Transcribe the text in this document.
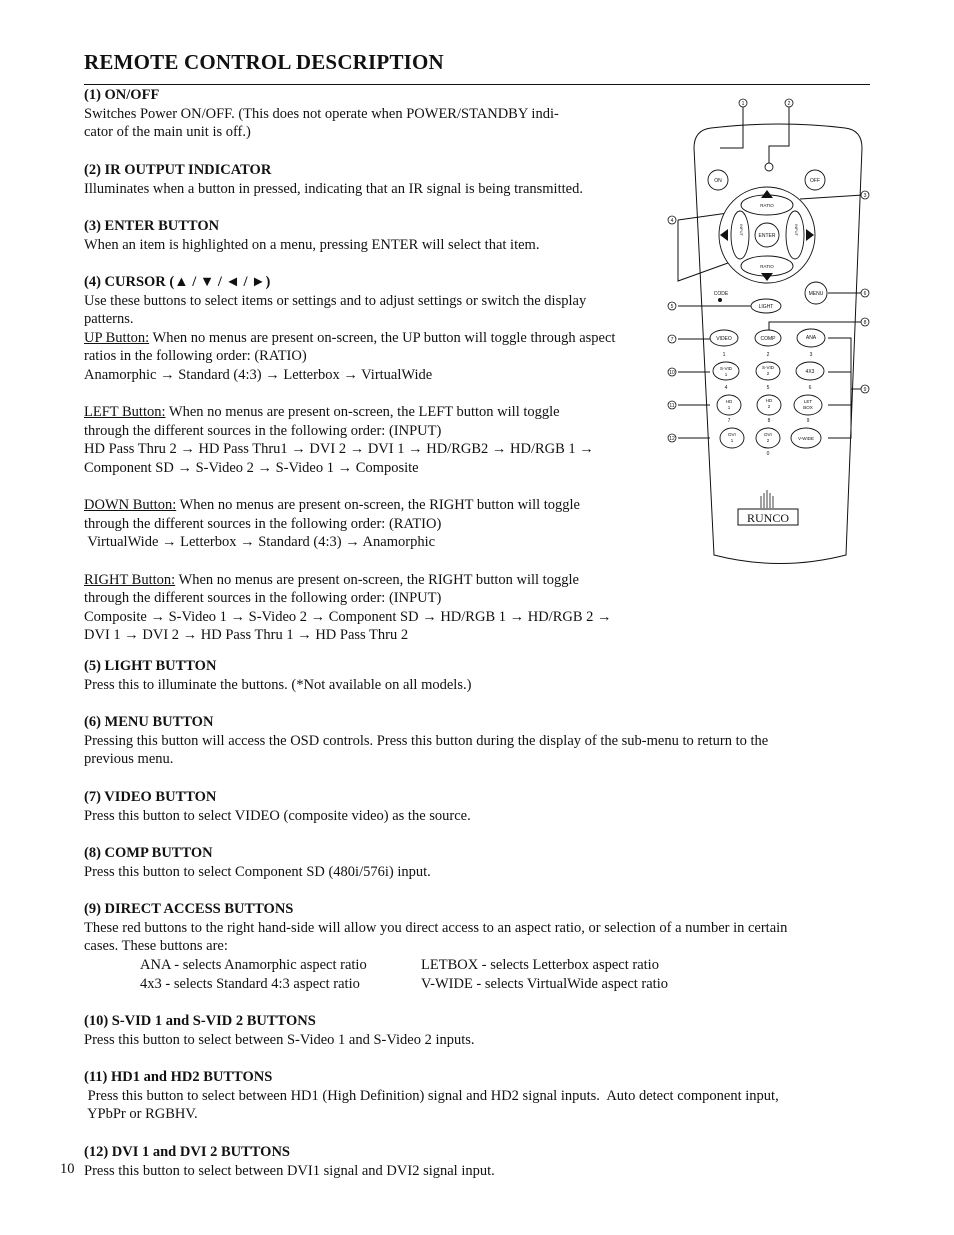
REMOTE CONTROL DESCRIPTION
(1) ON/OFF

Switches Power ON/OFF. (This does not operate when POWER/STANDBY indi-

cator of the main unit is off.)

(2) IR OUTPUT INDICATOR

Illuminates when a button in pressed, indicating that an IR signal is being transmitted.

(3) ENTER BUTTON

When an item is highlighted on a menu, pressing ENTER will select that item.

(4) CURSOR (▲ / ▼ / ◄ / ►)

Use these buttons to select items or settings and to adjust settings or switch the display

patterns.

UP Button: When no menus are present on-screen, the UP button will toggle through aspect

ratios in the following order: (RATIO)

Anamorphic → Standard (4:3) → Letterbox → VirtualWide

LEFT Button: When no menus are present on-screen, the LEFT button will toggle

through the different sources in the following order: (INPUT)

HD Pass Thru 2 → HD Pass Thru1 → DVI 2 → DVI 1 → HD/RGB2 → HD/RGB 1 →

Component SD → S-Video 2 → S-Video 1 → Composite

DOWN Button: When no menus are present on-screen, the RIGHT button will toggle

through the different sources in the following order: (RATIO)

VirtualWide → Letterbox → Standard (4:3) → Anamorphic

RIGHT Button: When no menus are present on-screen, the RIGHT button will toggle

through the different sources in the following order: (INPUT)

Composite → S-Video 1 → S-Video 2 → Component SD → HD/RGB 1 → HD/RGB 2 →

DVI 1 → DVI 2 → HD Pass Thru 1 → HD Pass Thru 2

(5) LIGHT BUTTON

Press this to illuminate the buttons. (*Not available on all models.)

(6) MENU BUTTON

Pressing this button will access the OSD controls. Press this button during the display of the sub-menu to return to the

previous menu.

(7) VIDEO BUTTON

Press this button to select VIDEO (composite video) as the source.

(8) COMP BUTTON

Press this button to select Component SD (480i/576i) input.

(9) DIRECT ACCESS BUTTONS

These red buttons to the right hand-side will allow you direct access to an aspect ratio, or selection of a number in certain

cases. These buttons are:

ANA - selects Anamorphic aspect ratio	LETBOX - selects Letterbox aspect ratio
4x3 - selects Standard 4:3 aspect ratio	V-WIDE - selects VirtualWide aspect ratio
(10) S-VID 1 and S-VID 2 BUTTONS

Press this button to select between S-Video 1 and S-Video 2 inputs.

(11) HD1 and HD2 BUTTONS

Press this button to select between HD1 (High Definition) signal and HD2 signal inputs.  Auto detect component input,

YPbPr or RGBHV.

(12) DVI 1 and DVI 2 BUTTONS

Press this button to select between DVI1 signal and DVI2 signal input.

10
1	2
3
4
5
6
7
8
9
10
11
12
ON	OFF
RATIO
RATIO
ENTER
INPUT	INPUT
CODE
LIGHT
MENU
VIDEO	COMP	ANA
S-VID
1
S-VID
2	4X3
HD
1
HD
2
LET
BOX
DVI
1
DVI
2	V-WIDE
1	2	3
4	5	6
7	8	9
0
RUNCO
